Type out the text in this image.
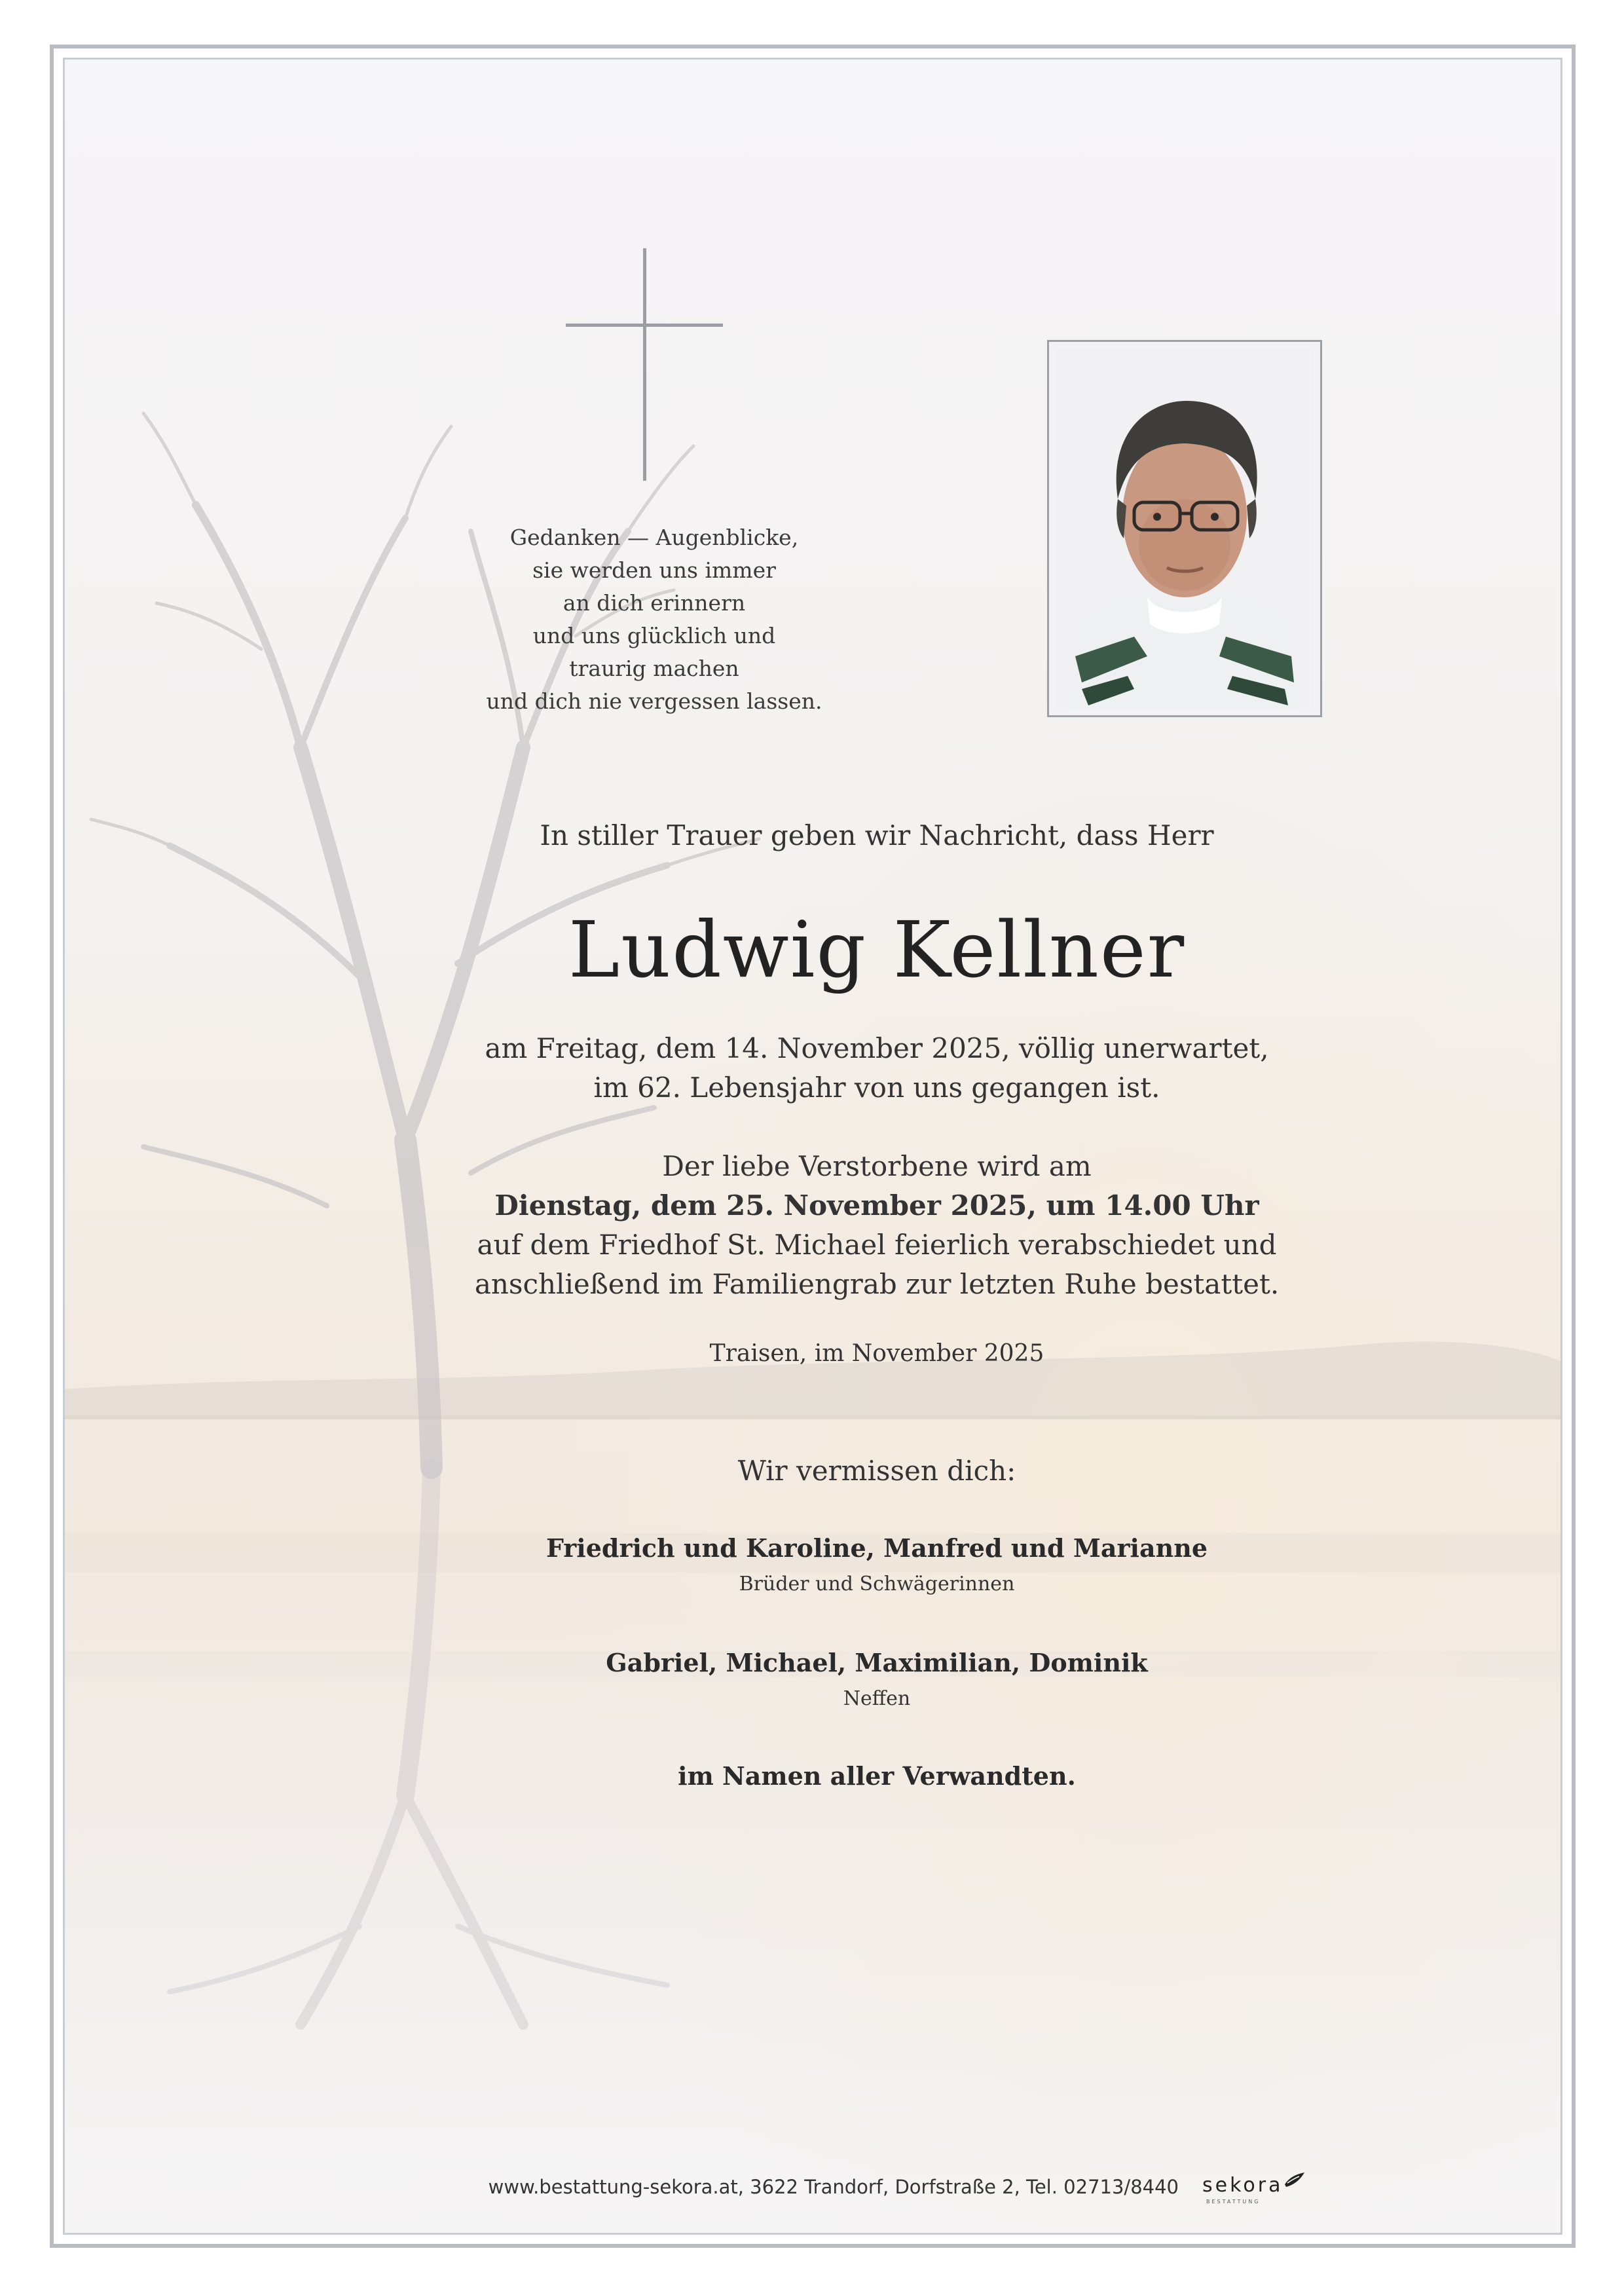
Gedanken — Augenblicke,
sie werden uns immer
an dich erinnern
und uns glücklich und
traurig machen
und dich nie vergessen lassen.
In stiller Trauer geben wir Nachricht, dass Herr
Ludwig Kellner
am Freitag, dem 14. November 2025, völlig unerwartet,
im 62. Lebensjahr von uns gegangen ist.
Der liebe Verstorbene wird am
Dienstag, dem 25. November 2025, um 14.00 Uhr
auf dem Friedhof St. Michael feierlich verabschiedet und
anschließend im Familiengrab zur letzten Ruhe bestattet.
Traisen, im November 2025
Wir vermissen dich:
Friedrich und Karoline, Manfred und Marianne
Brüder und Schwägerinnen
Gabriel, Michael, Maximilian, Dominik
Neffen
im Namen aller Verwandten.
www.bestattung-sekora.at, 3622 Trandorf, Dorfstraße 2, Tel. 02713/8440 sekora
BESTATTUNG
